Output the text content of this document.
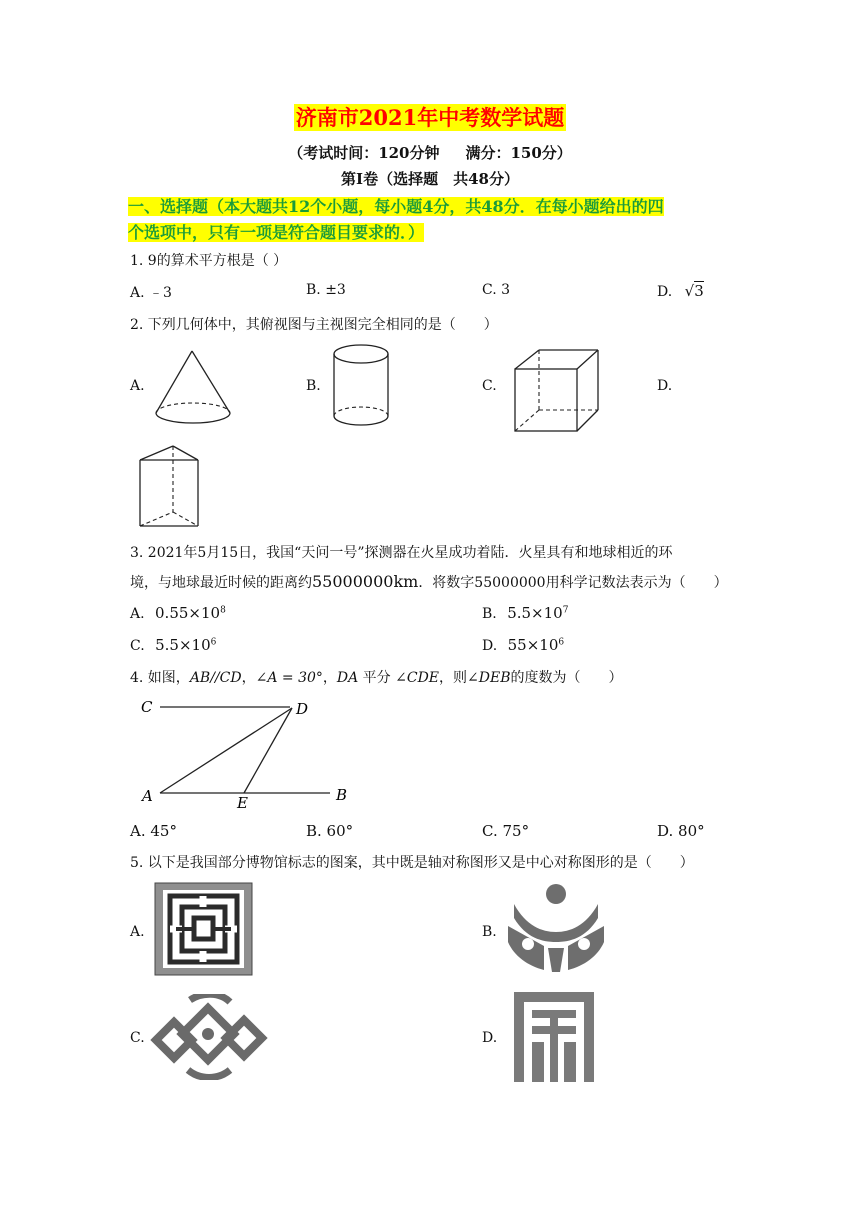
济南市2021年中考数学试题
（考试时间：120分钟 满分：150分）
第Ⅰ卷（选择题　共48分）
一、选择题（本大题共12个小题，每小题4分，共48分．在每小题给出的四
个选项中，只有一项是符合题目要求的．）
1. 9的算术平方根是（ ）
A. ﹣3	B. ±3	C. 3	D. √3
2. 下列几何体中，其俯视图与主视图完全相同的是（　　）
A.	B.	C.	D.
3. 2021年5月15日，我国“天问一号”探测器在火星成功着陆．火星具有和地球相近的环
境，与地球最近时候的距离约55000000km．将数字55000000用科学记数法表示为（　　）
A. $0.55\times 10^8$	B. $5.5\times 10^7$
C. $5.5\times 10^6$	D. $55\times 10^6$
4. 如图，AB//CD，∠A = 30°，DA 平分 ∠CDE，则∠DEB的度数为（　　）
C	D
A	E	B
A. 45°	B. 60°	C. 75°	D. 80°
5. 以下是我国部分博物馆标志的图案，其中既是轴对称图形又是中心对称图形的是（　　）
A.	B.
C.	D.
